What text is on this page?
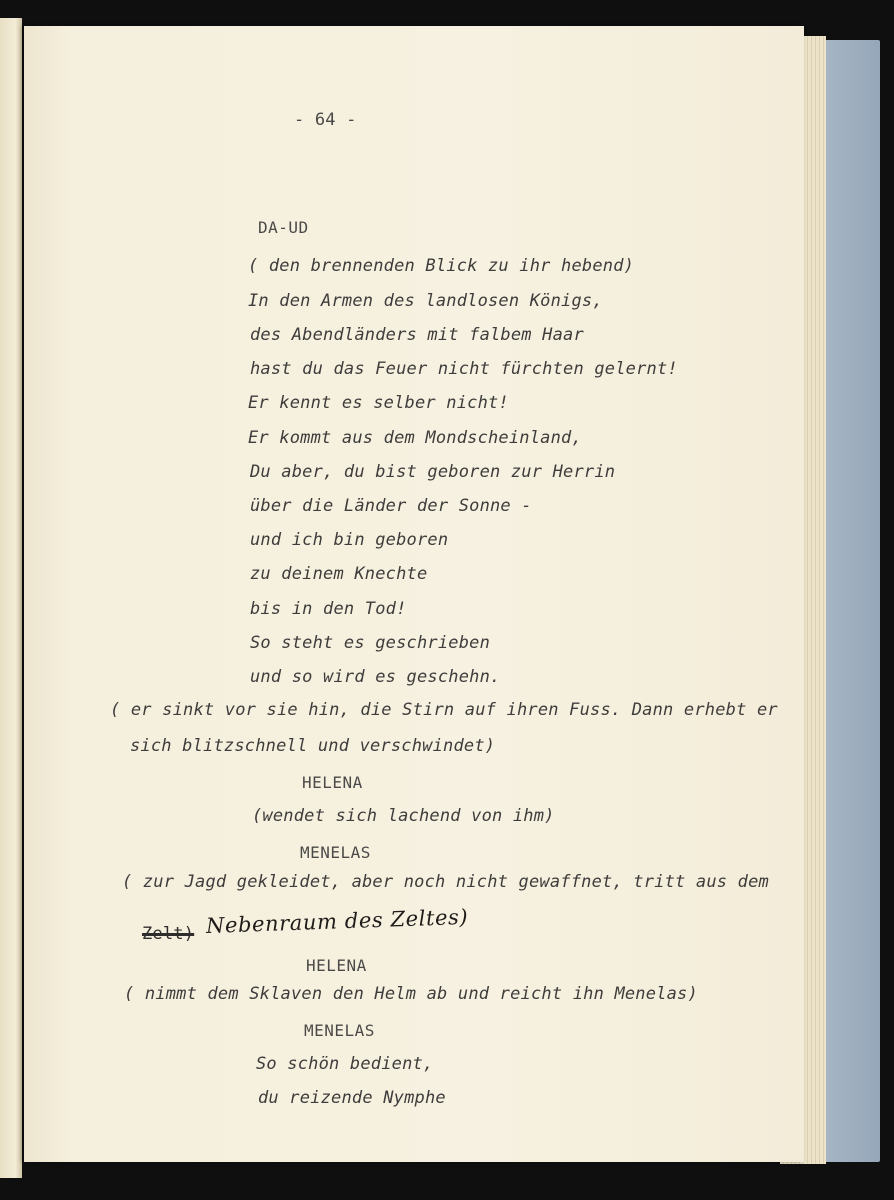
- 64 -
DA-UD
( den brennenden Blick zu ihr hebend)
In den Armen des landlosen Königs,
des Abendländers mit falbem Haar
hast du das Feuer nicht fürchten gelernt!
Er kennt es selber nicht!
Er kommt aus dem Mondscheinland,
Du aber, du bist geboren zur Herrin
über die Länder der Sonne -
und ich bin geboren
zu deinem Knechte
bis in den Tod!
So steht es geschrieben
und so wird es geschehn.
( er sinkt vor sie hin, die Stirn auf ihren Fuss. Dann erhebt er
sich blitzschnell und verschwindet)
HELENA
(wendet sich lachend von ihm)
MENELAS
( zur Jagd gekleidet, aber noch nicht gewaffnet, tritt aus dem
Zelt) Nebenraum des Zeltes)
HELENA
( nimmt dem Sklaven den Helm ab und reicht ihn Menelas)
MENELAS
So schön bedient,
du reizende Nymphe
